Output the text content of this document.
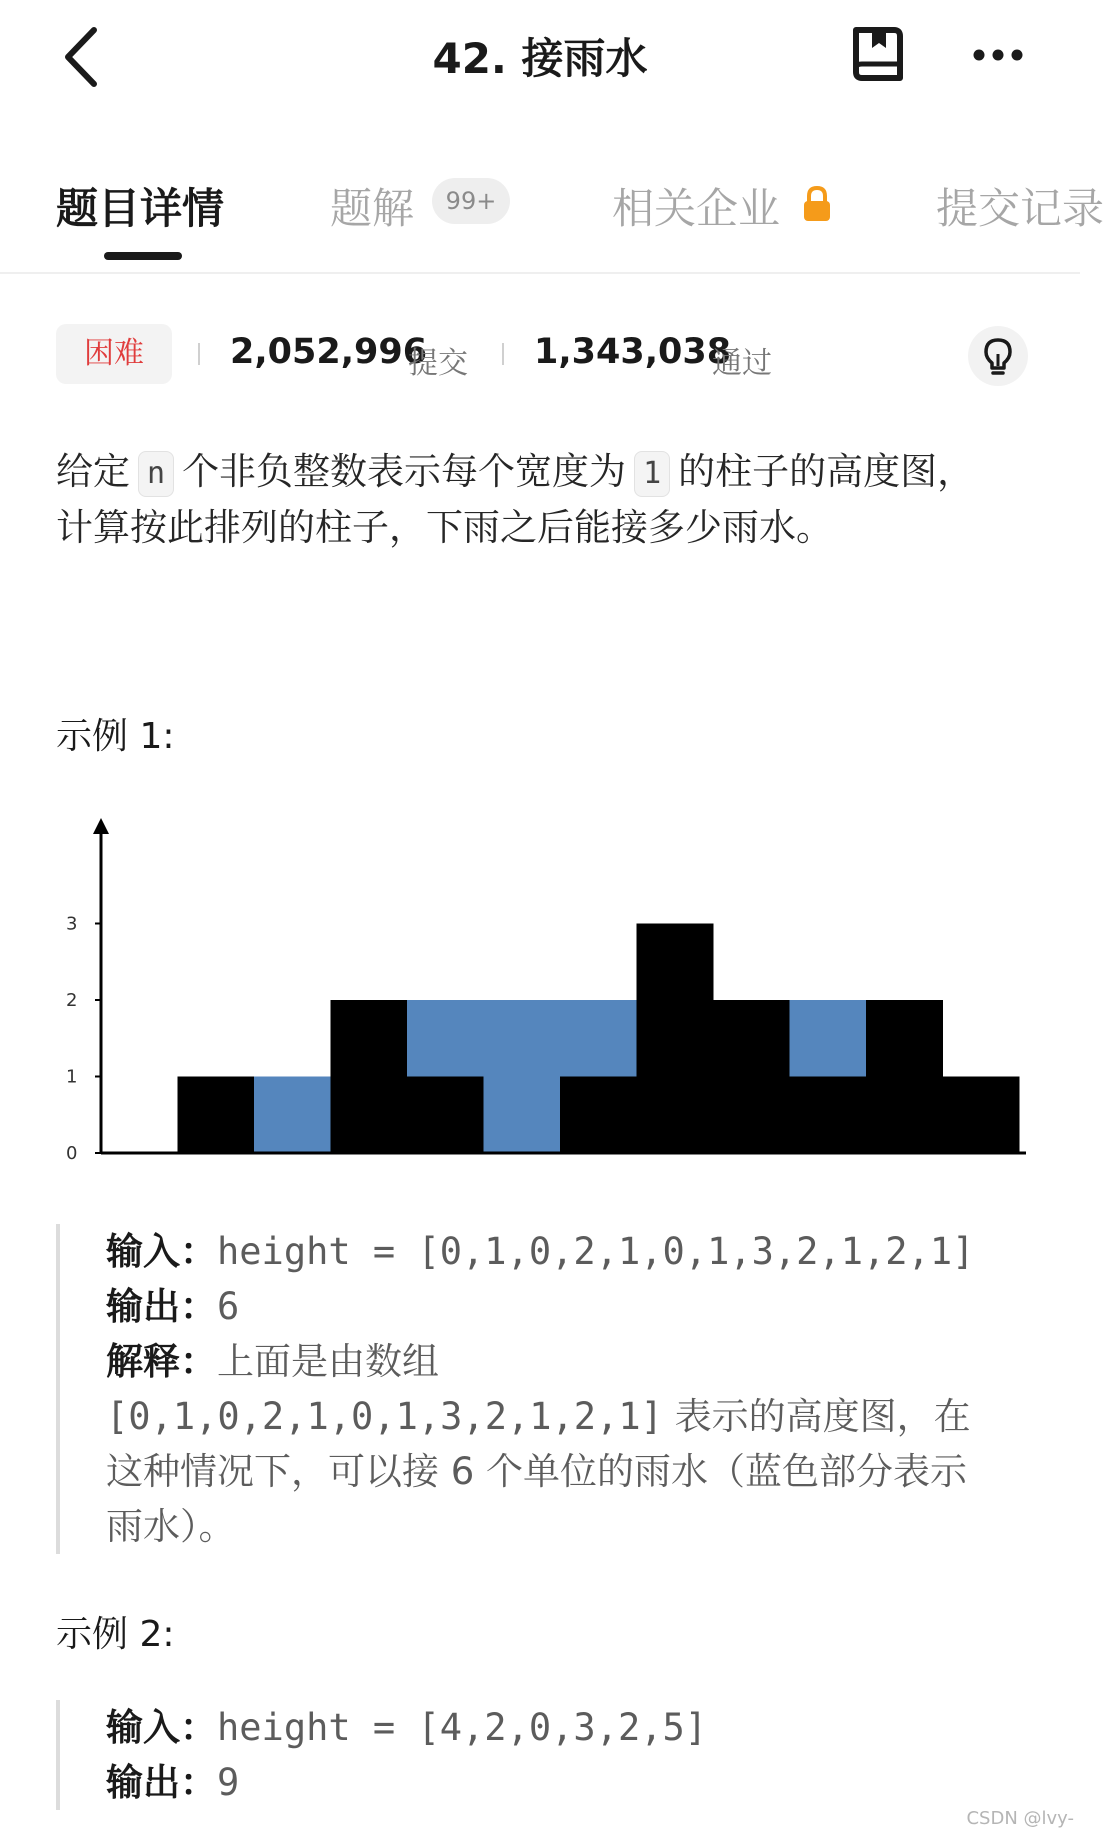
42. 接雨水
题目详情	题解	99+	相关企业	提交记录
困难	2,052,996
提交 1,343,038
通过
给定 n 个非负整数表示每个宽度为 1 的柱子的高度图，
计算按此排列的柱子，下雨之后能接多少雨水。
示例 1:
0
1
2
3
输入：height = [0,1,0,2,1,0,1,3,2,1,2,1]
输出：6
解释：上面是由数组
[0,1,0,2,1,0,1,3,2,1,2,1] 表示的高度图，在
这种情况下，可以接 6 个单位的雨水（蓝色部分表示
雨水）。
示例 2:
输入：height = [4,2,0,3,2,5]
输出：9
CSDN @lvy-
